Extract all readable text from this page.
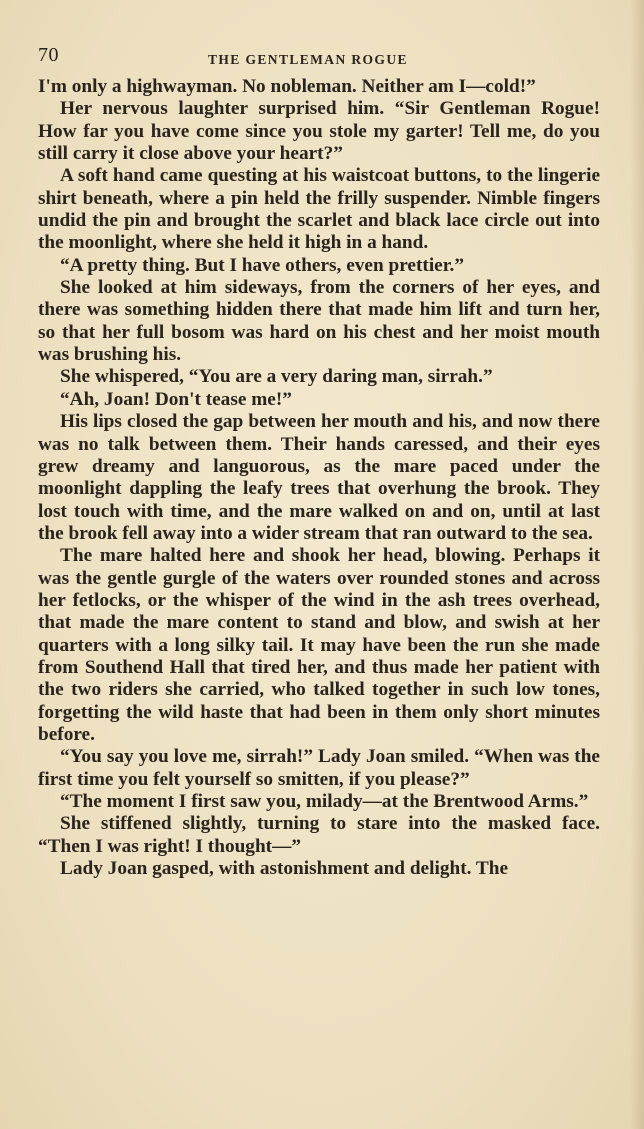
70	THE GENTLEMAN ROGUE

I'm only a highwayman. No nobleman. Neither am I—cold!”

Her nervous laughter surprised him. “Sir Gentleman Rogue! How far you have come since you stole my garter! Tell me, do you still carry it close above your heart?”

A soft hand came questing at his waistcoat buttons, to the lingerie shirt beneath, where a pin held the frilly suspender. Nimble fingers undid the pin and brought the scarlet and black lace circle out into the moonlight, where she held it high in a hand.

“A pretty thing. But I have others, even prettier.”

She looked at him sideways, from the corners of her eyes, and there was something hidden there that made him lift and turn her, so that her full bosom was hard on his chest and her moist mouth was brushing his.

She whispered, “You are a very daring man, sirrah.”

“Ah, Joan! Don't tease me!”

His lips closed the gap between her mouth and his, and now there was no talk between them. Their hands caressed, and their eyes grew dreamy and languorous, as the mare paced under the moonlight dappling the leafy trees that overhung the brook. They lost touch with time, and the mare walked on and on, until at last the brook fell away into a wider stream that ran outward to the sea.

The mare halted here and shook her head, blowing. Perhaps it was the gentle gurgle of the waters over rounded stones and across her fetlocks, or the whisper of the wind in the ash trees overhead, that made the mare content to stand and blow, and swish at her quarters with a long silky tail. It may have been the run she made from Southend Hall that tired her, and thus made her patient with the two riders she carried, who talked together in such low tones, forgetting the wild haste that had been in them only short minutes before.

“You say you love me, sirrah!” Lady Joan smiled. “When was the first time you felt yourself so smitten, if you please?”

“The moment I first saw you, milady—at the Brentwood Arms.”

She stiffened slightly, turning to stare into the masked face. “Then I was right! I thought—”

Lady Joan gasped, with astonishment and delight. The
